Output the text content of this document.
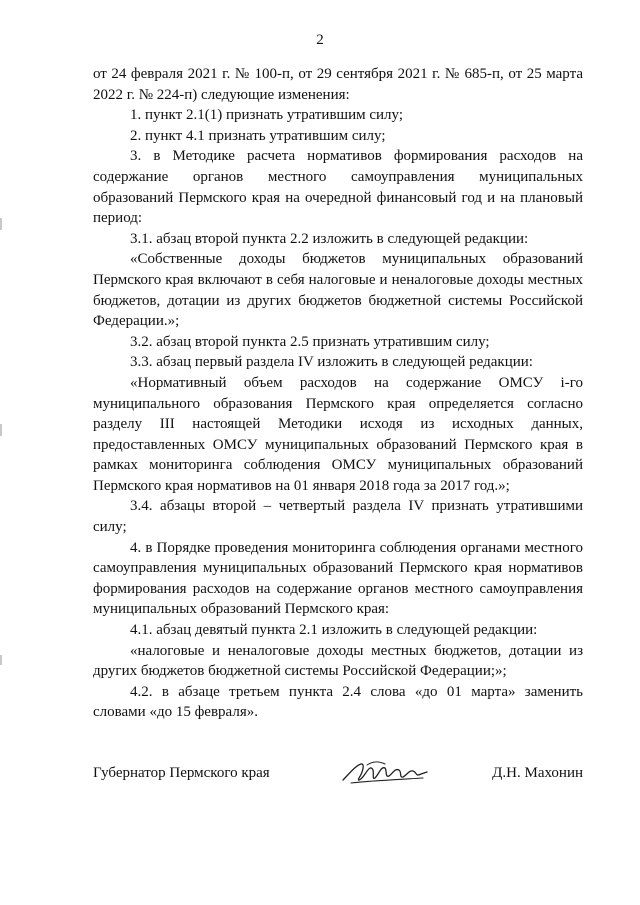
2

от 24 февраля 2021 г. № 100-п, от 29 сентября 2021 г. № 685-п, от 25 марта 2022 г. № 224-п) следующие изменения:

1. пункт 2.1(1) признать утратившим силу;

2. пункт 4.1 признать утратившим силу;

3. в Методике расчета нормативов формирования расходов на содержание органов местного самоуправления муниципальных образований Пермского края на очередной финансовый год и на плановый период:

3.1. абзац второй пункта 2.2 изложить в следующей редакции:

«Собственные доходы бюджетов муниципальных образований Пермского края включают в себя налоговые и неналоговые доходы местных бюджетов, дотации из других бюджетов бюджетной системы Российской Федерации.»;

3.2. абзац второй пункта 2.5 признать утратившим силу;

3.3. абзац первый раздела IV изложить в следующей редакции:

«Нормативный объем расходов на содержание ОМСУ i-го муниципального образования Пермского края определяется согласно разделу III настоящей Методики исходя из исходных данных, предоставленных ОМСУ муниципальных образований Пермского края в рамках мониторинга соблюдения ОМСУ муниципальных образований Пермского края нормативов на 01 января 2018 года за 2017 год.»;

3.4. абзацы второй – четвертый раздела IV признать утратившими силу;

4. в Порядке проведения мониторинга соблюдения органами местного самоуправления муниципальных образований Пермского края нормативов формирования расходов на содержание органов местного самоуправления муниципальных образований Пермского края:

4.1. абзац девятый пункта 2.1 изложить в следующей редакции:

«налоговые и неналоговые доходы местных бюджетов, дотации из других бюджетов бюджетной системы Российской Федерации;»;

4.2. в абзаце третьем пункта 2.4 слова «до 01 марта» заменить словами «до 15 февраля».

Губернатор Пермского края	Д.Н. Махонин
